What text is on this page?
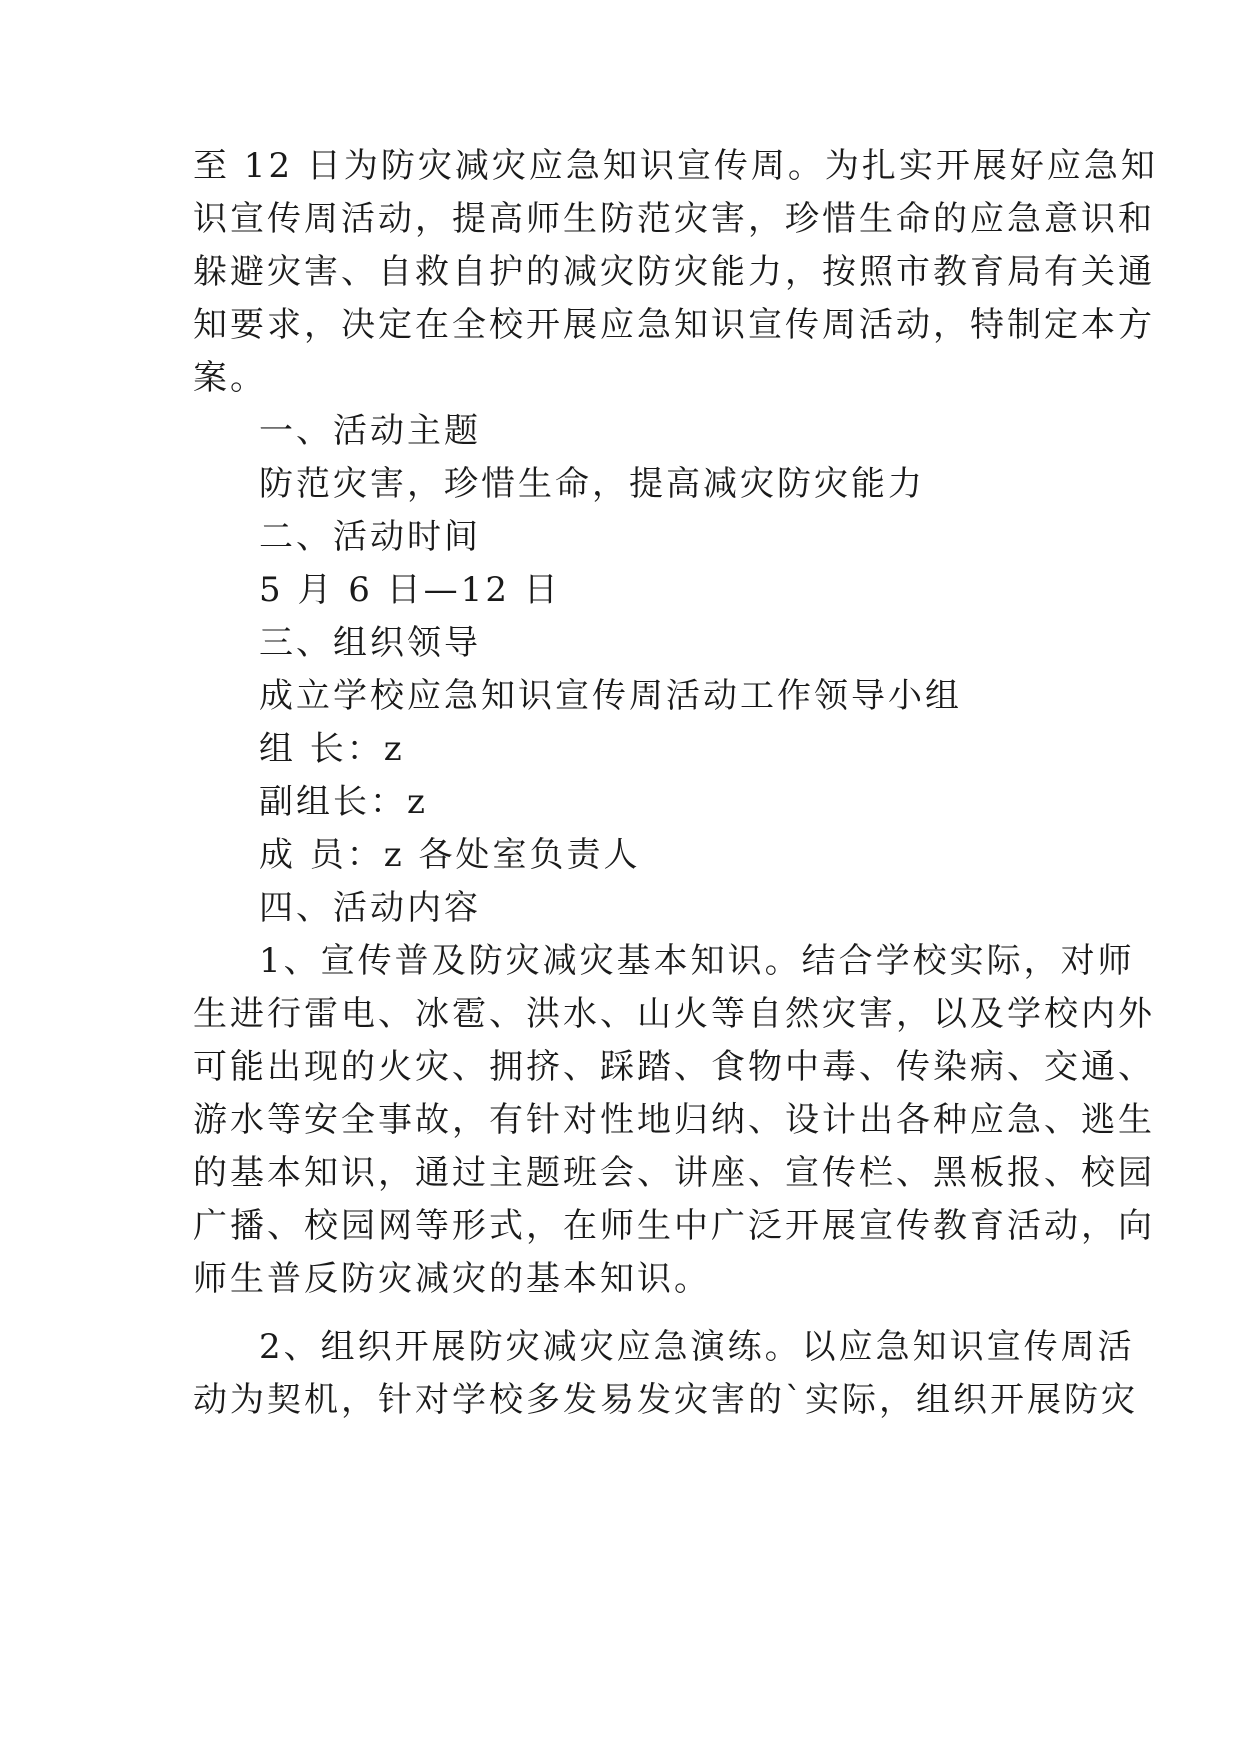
至 12 日为防灾减灾应急知识宣传周。为扎实开展好应急知
识宣传周活动，提高师生防范灾害，珍惜生命的应急意识和
躲避灾害、自救自护的减灾防灾能力，按照市教育局有关通
知要求，决定在全校开展应急知识宣传周活动，特制定本方
案。
一、活动主题
防范灾害，珍惜生命，提高减灾防灾能力
二、活动时间
5 月 6 日—12 日
三、组织领导
成立学校应急知识宣传周活动工作领导小组
组 长：z
副组长：z
成 员：z 各处室负责人
四、活动内容
1、宣传普及防灾减灾基本知识。结合学校实际，对师
生进行雷电、冰雹、洪水、山火等自然灾害，以及学校内外
可能出现的火灾、拥挤、踩踏、食物中毒、传染病、交通、
游水等安全事故，有针对性地归纳、设计出各种应急、逃生
的基本知识，通过主题班会、讲座、宣传栏、黑板报、校园
广播、校园网等形式，在师生中广泛开展宣传教育活动，向
师生普反防灾减灾的基本知识。
2、组织开展防灾减灾应急演练。以应急知识宣传周活
动为契机，针对学校多发易发灾害的`实际，组织开展防灾
